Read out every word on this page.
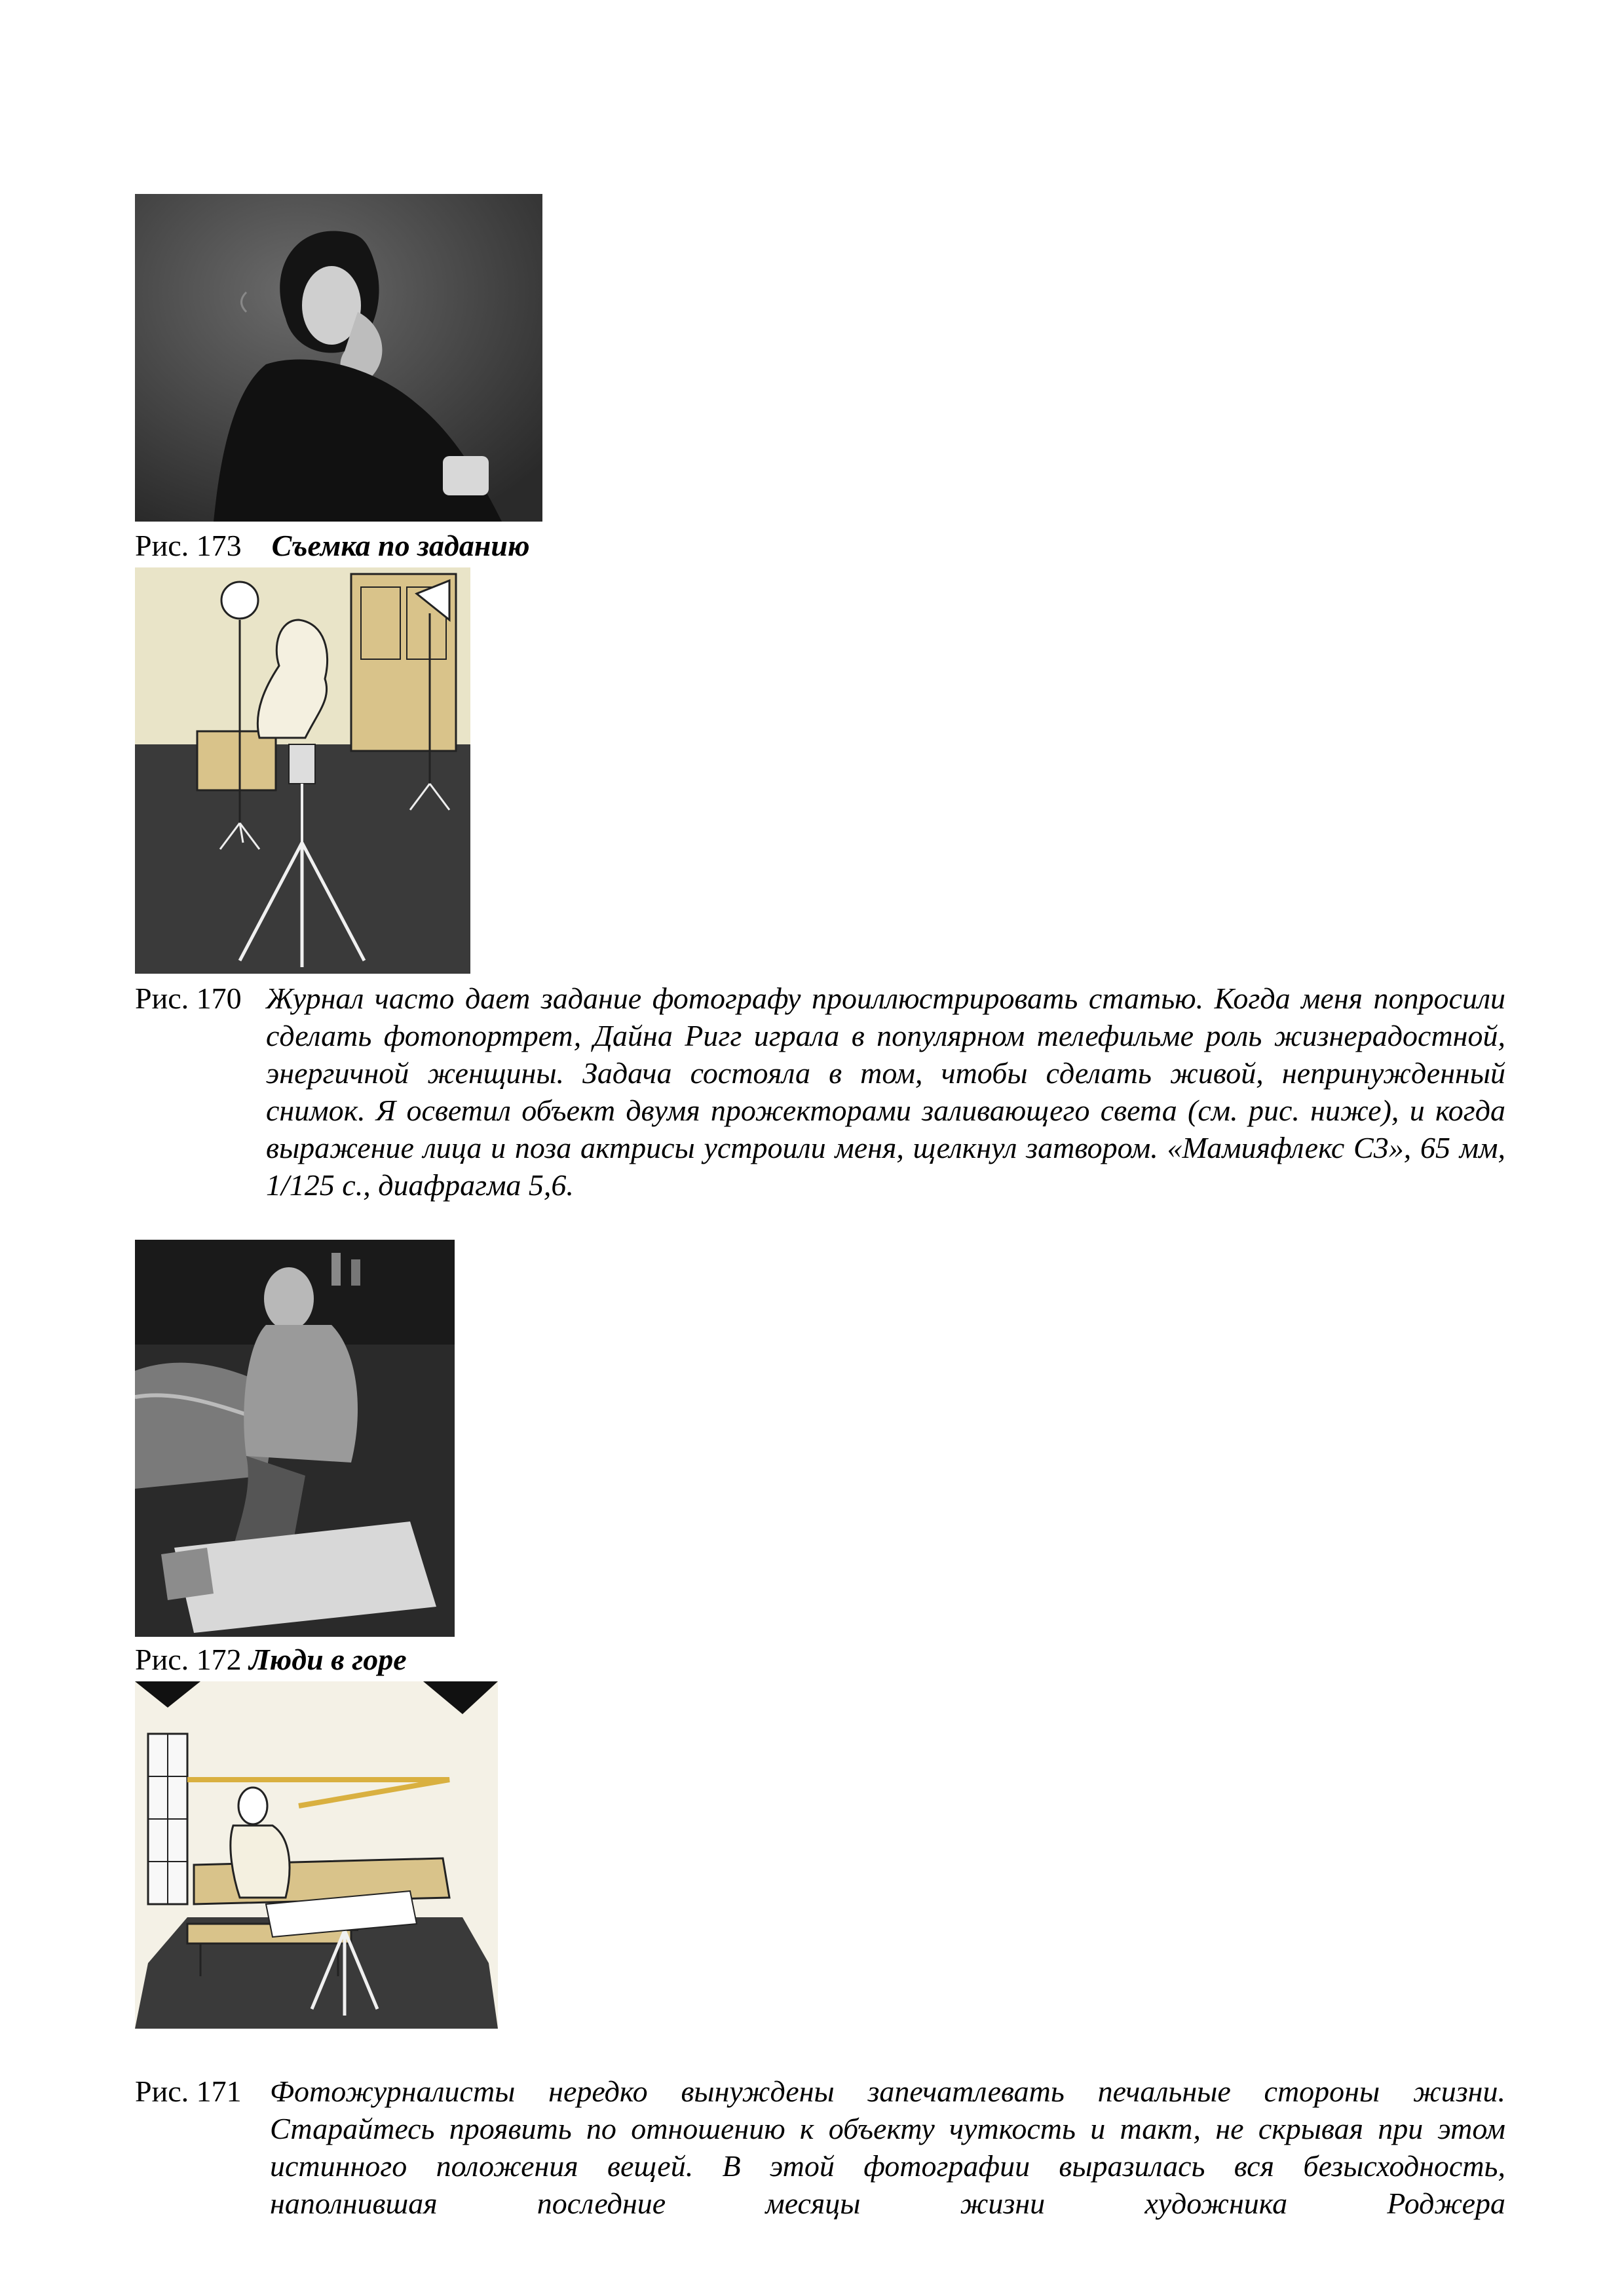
Рис. 173 Съемка по заданию
Рис. 170 Журнал часто дает задание фотографу проиллюстрировать статью. Когда меня попросили сделать фотопортрет, Дайна Ригг играла в популярном телефильме роль жизнерадостной, энергичной женщины. Задача состояла в том, чтобы сделать живой, непринужденный снимок. Я осветил объект двумя прожекторами заливающего света (см. рис. ниже), и когда выражение лица и поза актрисы устроили меня, щелкнул затвором. «Мамияфлекс С3», 65 мм, 1/125 с., диафрагма 5,6.
Рис. 172 Люди в горе
Рис. 171 Фотожурналисты нередко вынуждены запечатлевать печальные стороны жизни. Старайтесь проявить по отношению к объекту чуткость и такт, не скрывая при этом истинного положения вещей. В этой фотографии выразилась вся безысходность, наполнившая последние месяцы жизни художника Роджера
